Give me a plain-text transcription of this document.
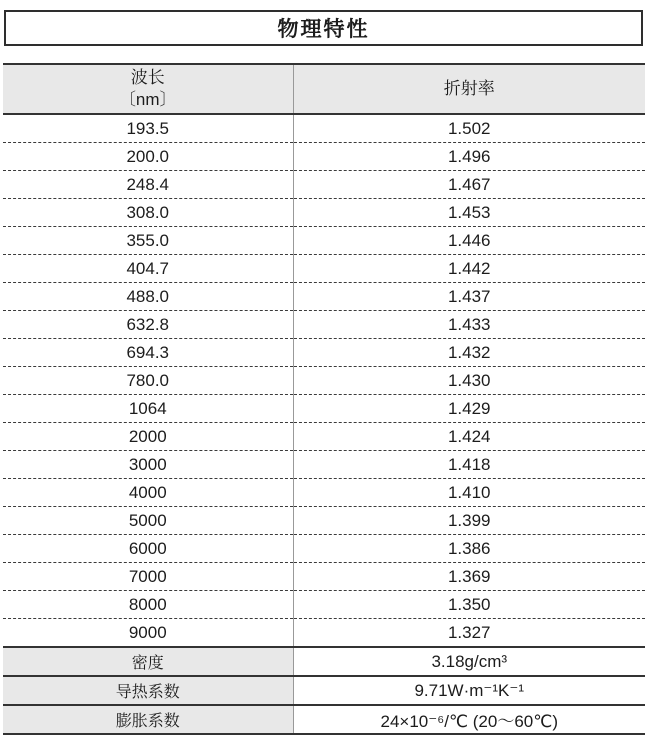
物理特性
波长
〔nm〕	折射率
193.5	1.502
200.0	1.496
248.4	1.467
308.0	1.453
355.0	1.446
404.7	1.442
488.0	1.437
632.8	1.433
694.3	1.432
780.0	1.430
1064	1.429
2000	1.424
3000	1.418
4000	1.410
5000	1.399
6000	1.386
7000	1.369
8000	1.350
9000	1.327
密度	3.18g/cm³
导热系数	9.71W·m⁻¹K⁻¹
膨胀系数	24×10⁻⁶/℃ (20～60℃)
